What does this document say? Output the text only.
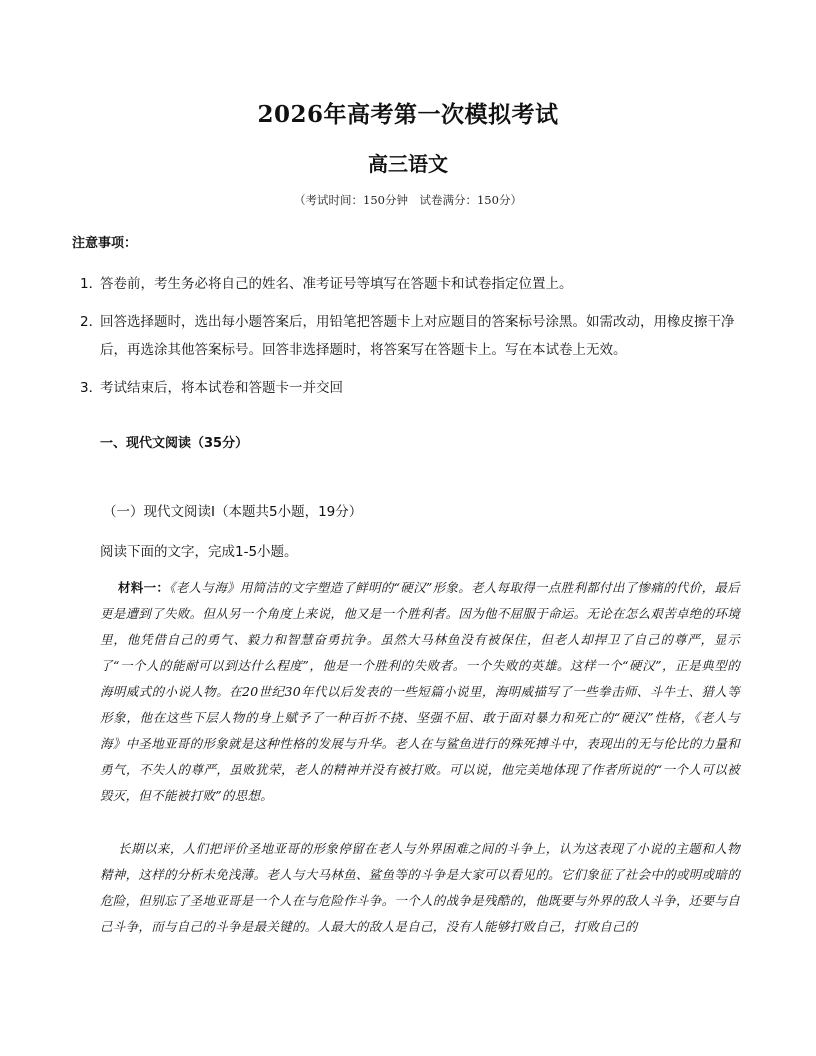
2026年高考第一次模拟考试
高三语文
（考试时间：150分钟　试卷满分：150分）
注意事项：
1．答卷前，考生务必将自己的姓名、准考证号等填写在答题卡和试卷指定位置上。
2．回答选择题时，选出每小题答案后，用铅笔把答题卡上对应题目的答案标号涂黑。如需改动，用橡皮擦干净后，再选涂其他答案标号。回答非选择题时，将答案写在答题卡上。写在本试卷上无效。
3．考试结束后，将本试卷和答题卡一并交回
一、现代文阅读（35分）
（一）现代文阅读Ⅰ（本题共5小题，19分）
阅读下面的文字，完成1-5小题。
材料一：《老人与海》用简洁的文字塑造了鲜明的“硬汉”形象。老人每取得一点胜利都付出了惨痛的代价，最后更是遭到了失败。但从另一个角度上来说，他又是一个胜利者。因为他不屈服于命运。无论在怎么艰苦卓绝的环境里，他凭借自己的勇气、毅力和智慧奋勇抗争。虽然大马林鱼没有被保住，但老人却捍卫了自己的尊严，显示了“一个人的能耐可以到达什么程度”，他是一个胜利的失败者。一个失败的英雄。这样一个“硬汉”，正是典型的海明威式的小说人物。在20世纪30年代以后发表的一些短篇小说里，海明威描写了一些拳击师、斗牛士、猎人等形象，他在这些下层人物的身上赋予了一种百折不挠、坚强不屈、敢于面对暴力和死亡的“硬汉”性格，《老人与海》中圣地亚哥的形象就是这种性格的发展与升华。老人在与鲨鱼进行的殊死搏斗中，表现出的无与伦比的力量和勇气，不失人的尊严，虽败犹荣，老人的精神并没有被打败。可以说，他完美地体现了作者所说的“一个人可以被毁灭，但不能被打败”的思想。
长期以来，人们把评价圣地亚哥的形象停留在老人与外界困难之间的斗争上，认为这表现了小说的主题和人物精神，这样的分析未免浅薄。老人与大马林鱼、鲨鱼等的斗争是大家可以看见的。它们象征了社会中的或明或暗的危险，但别忘了圣地亚哥是一个人在与危险作斗争。一个人的战争是残酷的，他既要与外界的敌人斗争，还要与自己斗争，而与自己的斗争是最关键的。人最大的敌人是自己，没有人能够打败自己，打败自己的
